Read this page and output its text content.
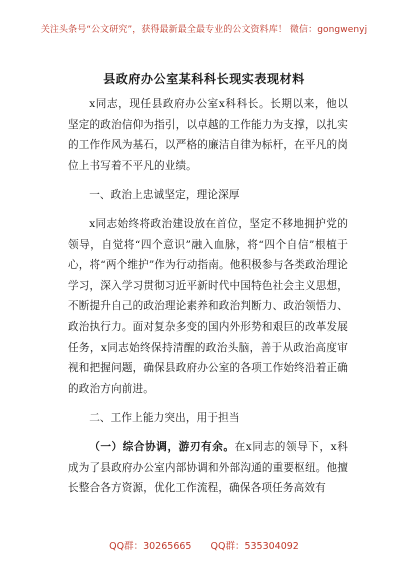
关注头条号“公文研究”，获得最新最全最专业的公文资料库！ 微信：gongwenyj
县政府办公室某科科长现实表现材料

x同志，现任县政府办公室x科科长。长期以来，他以坚定的政治信仰为指引，以卓越的工作能力为支撑，以扎实的工作作风为基石，以严格的廉洁自律为标杆，在平凡的岗位上书写着不平凡的业绩。

一、政治上忠诚坚定，理论深厚

x同志始终将政治建设放在首位，坚定不移地拥护党的领导，自觉将“四个意识”融入血脉，将“四个自信”根植于心，将“两个维护”作为行动指南。他积极参与各类政治理论学习，深入学习贯彻习近平新时代中国特色社会主义思想，不断提升自己的政治理论素养和政治判断力、政治领悟力、政治执行力。面对复杂多变的国内外形势和艰巨的改革发展任务，x同志始终保持清醒的政治头脑，善于从政治高度审视和把握问题，确保县政府办公室的各项工作始终沿着正确的政治方向前进。

二、工作上能力突出，用于担当

（一）综合协调，游刃有余。在x同志的领导下，x科成为了县政府办公室内部协调和外部沟通的重要枢纽。他擅长整合各方资源，优化工作流程，确保各项任务高效有

QQ群：30265665 QQ群：535304092
